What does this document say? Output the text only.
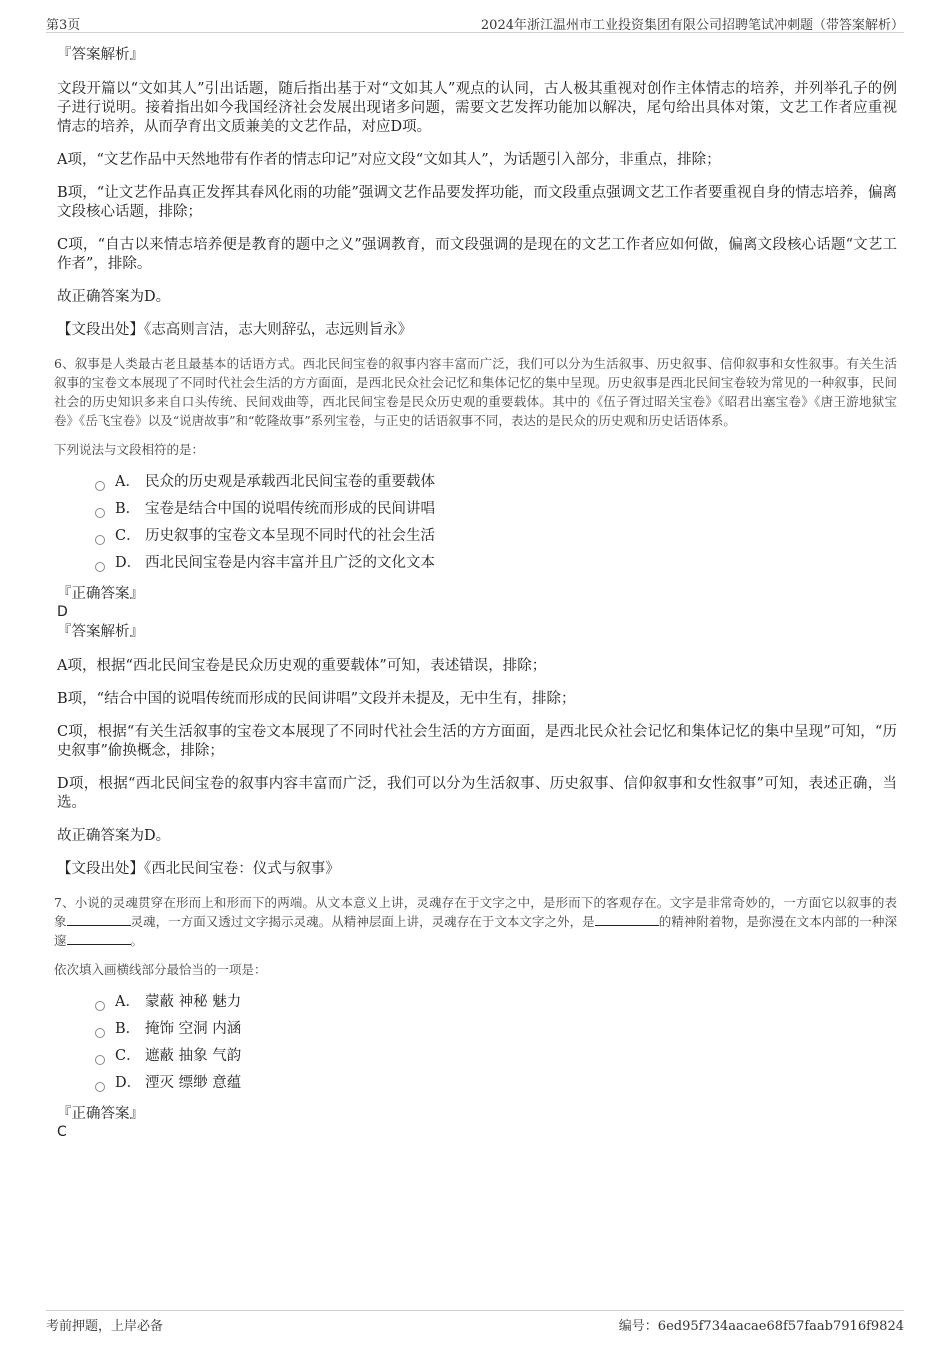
第3页	2024年浙江温州市工业投资集团有限公司招聘笔试冲刺题（带答案解析）
『答案解析』

文段开篇以“文如其人”引出话题，随后指出基于对“文如其人”观点的认同，古人极其重视对创作主体情志的培养，并列举孔子的例子进行说明。接着指出如今我国经济社会发展出现诸多问题，需要文艺发挥功能加以解决，尾句给出具体对策，文艺工作者应重视情志的培养，从而孕育出文质兼美的文艺作品，对应D项。

A项，“文艺作品中天然地带有作者的情志印记”对应文段“文如其人”，为话题引入部分，非重点，排除；

B项，“让文艺作品真正发挥其春风化雨的功能”强调文艺作品要发挥功能，而文段重点强调文艺工作者要重视自身的情志培养，偏离文段核心话题，排除；

C项，“自古以来情志培养便是教育的题中之义”强调教育，而文段强调的是现在的文艺工作者应如何做，偏离文段核心话题“文艺工作者”，排除。

故正确答案为D。

【文段出处】《志高则言洁，志大则辞弘，志远则旨永》

6、叙事是人类最古老且最基本的话语方式。西北民间宝卷的叙事内容丰富而广泛，我们可以分为生活叙事、历史叙事、信仰叙事和女性叙事。有关生活叙事的宝卷文本展现了不同时代社会生活的方方面面，是西北民众社会记忆和集体记忆的集中呈现。历史叙事是西北民间宝卷较为常见的一种叙事，民间社会的历史知识多来自口头传统、民间戏曲等，西北民间宝卷是民众历史观的重要载体。其中的《伍子胥过昭关宝卷》《昭君出塞宝卷》《唐王游地狱宝卷》《岳飞宝卷》以及“说唐故事”和“乾隆故事”系列宝卷，与正史的话语叙事不同，表达的是民众的历史观和历史话语体系。

下列说法与文段相符的是：

A． 民众的历史观是承载西北民间宝卷的重要载体
B． 宝卷是结合中国的说唱传统而形成的民间讲唱
C． 历史叙事的宝卷文本呈现不同时代的社会生活
D． 西北民间宝卷是内容丰富并且广泛的文化文本
『正确答案』
D
『答案解析』

A项，根据“西北民间宝卷是民众历史观的重要载体”可知，表述错误，排除；

B项，“结合中国的说唱传统而形成的民间讲唱”文段并未提及，无中生有，排除；

C项，根据“有关生活叙事的宝卷文本展现了不同时代社会生活的方方面面，是西北民众社会记忆和集体记忆的集中呈现”可知，“历史叙事”偷换概念，排除；

D项，根据“西北民间宝卷的叙事内容丰富而广泛，我们可以分为生活叙事、历史叙事、信仰叙事和女性叙事”可知，表述正确，当选。

故正确答案为D。

【文段出处】《西北民间宝卷：仪式与叙事》

7、小说的灵魂贯穿在形而上和形而下的两端。从文本意义上讲，灵魂存在于文字之中，是形而下的客观存在。文字是非常奇妙的，一方面它以叙事的表象	灵魂，一方面又透过文字揭示灵魂。从精神层面上讲，灵魂存在于文本文字之外，是	的精神附着物，是弥漫在文本内部的一种深邃	。

依次填入画横线部分最恰当的一项是：

A． 蒙蔽 神秘 魅力
B． 掩饰 空洞 内涵
C． 遮蔽 抽象 气韵
D． 湮灭 缥缈 意蕴
『正确答案』
C
考前押题，上岸必备	编号：6ed95f734aacae68f57faab7916f9824
